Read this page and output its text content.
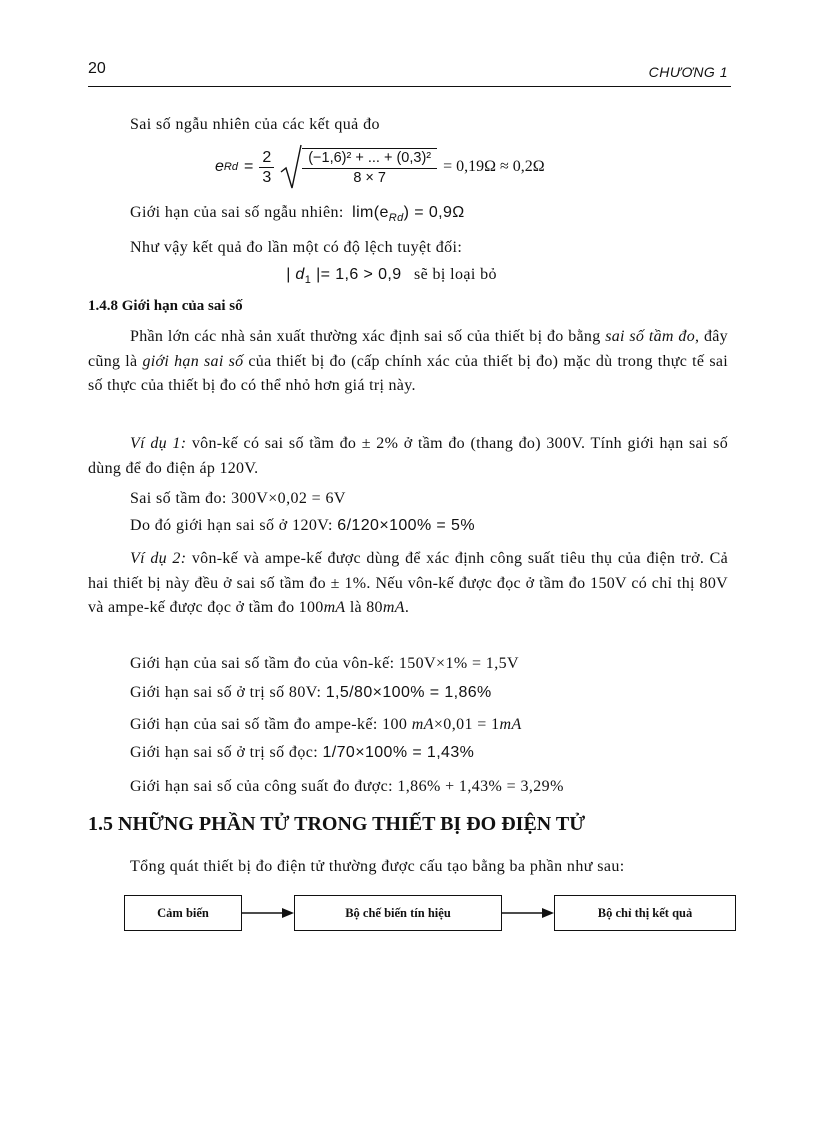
20	CHƯƠNG 1
Sai số ngẫu nhiên của các kết quả đo
e $Rd = \frac{2}{3} \frac{\text{(−1,6)² + ... + (0,3)²}}{8 \times 7} = 0,19\Omega \approx 0,2\Omega$
Giới hạn của sai số ngẫu nhiên: $\lim(e_{Rd}) = 0,9\Omega$
Như vậy kết quả đo lần một có độ lệch tuyệt đối:
| $d_1$ |= 1,6 > 0,9 sẽ bị loại bỏ
1.4.8 Giới hạn của sai số
Phần lớn các nhà sản xuất thường xác định sai số của thiết bị đo bằng sai số tầm đo, đây cũng là giới hạn sai số của thiết bị đo (cấp chính xác của thiết bị đo) mặc dù trong thực tế sai số thực của thiết bị đo có thể nhỏ hơn giá trị này.
Ví dụ 1: vôn-kế có sai số tầm đo ± 2% ở tầm đo (thang đo) 300V. Tính giới hạn sai số dùng để đo điện áp 120V.
Sai số tầm đo: 300V×0,02 = 6V
Do đó giới hạn sai số ở 120V: 6/120×100% = 5%
Ví dụ 2: vôn-kế và ampe-kế được dùng để xác định công suất tiêu thụ của điện trở. Cả hai thiết bị này đều ở sai số tầm đo ± 1%. Nếu vôn-kế được đọc ở tầm đo 150V có chỉ thị 80V và ampe-kế được đọc ở tầm đo 100mA là 80mA.
Giới hạn của sai số tầm đo của vôn-kế: 150V×1% = 1,5V
Giới hạn sai số ở trị số 80V: 1,5/80×100% = 1,86%
Giới hạn của sai số tầm đo ampe-kế: 100 mA×0,01 = 1mA
Giới hạn sai số ở trị số đọc: 1/70×100% = 1,43%
Giới hạn sai số của công suất đo được: 1,86% + 1,43% = 3,29%
1.5 NHỮNG PHẦN TỬ TRONG THIẾT BỊ ĐO ĐIỆN TỬ
Tổng quát thiết bị đo điện tử thường được cấu tạo bằng ba phần như sau:
Cảm biến	Bộ chế biến tín hiệu	Bộ chỉ thị kết quả
